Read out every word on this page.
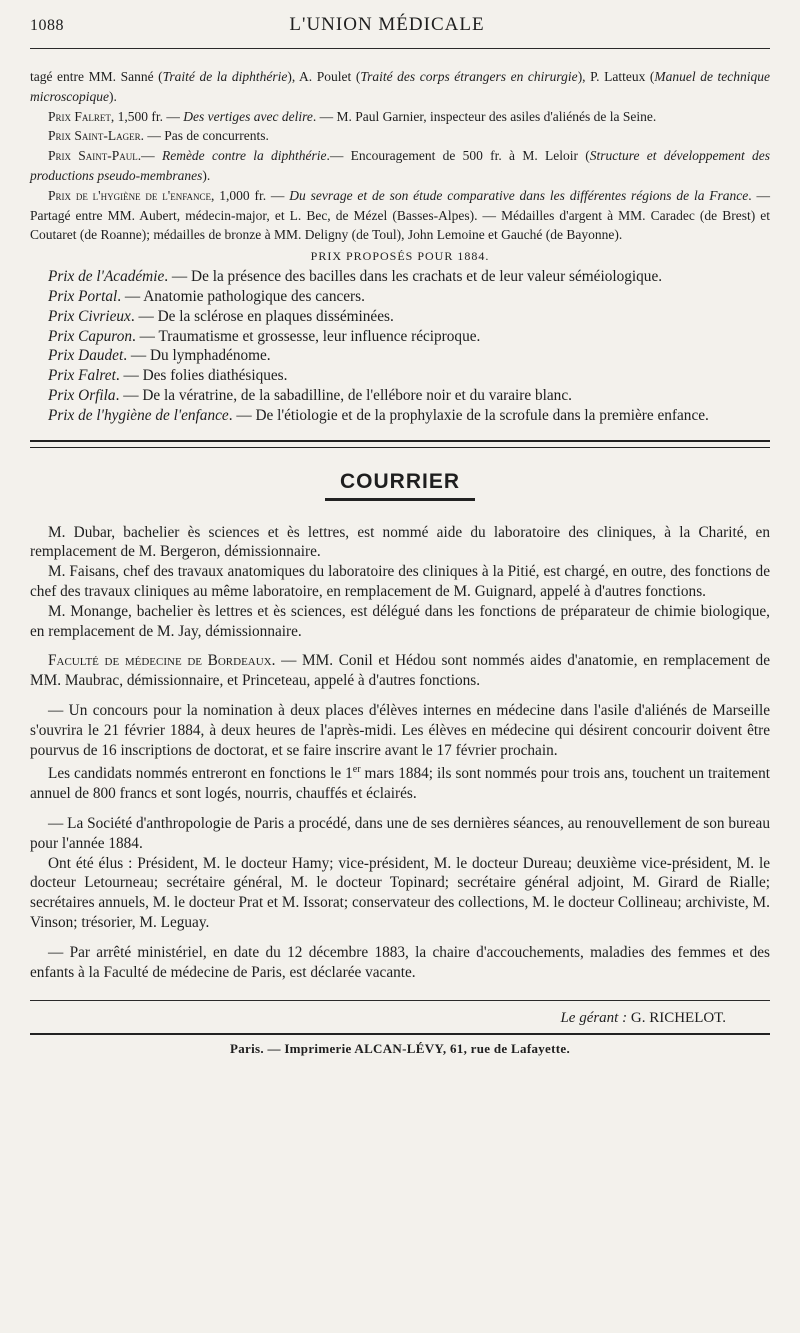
1088	L'UNION MÉDICALE

tagé entre MM. Sanné (Traité de la diphthérie), A. Poulet (Traité des corps étrangers en chirurgie), P. Latteux (Manuel de technique microscopique).

Prix Falret, 1,500 fr. — Des vertiges avec delire. — M. Paul Garnier, inspecteur des asiles d'aliénés de la Seine.

Prix Saint-Lager. — Pas de concurrents.

Prix Saint-Paul.— Remède contre la diphthérie.— Encouragement de 500 fr. à M. Leloir (Structure et développement des productions pseudo-membranes).

Prix de l'hygiène de l'enfance, 1,000 fr. — Du sevrage et de son étude comparative dans les différentes régions de la France. — Partagé entre MM. Aubert, médecin-major, et L. Bec, de Mézel (Basses-Alpes). — Médailles d'argent à MM. Caradec (de Brest) et Coutaret (de Roanne); médailles de bronze à MM. Deligny (de Toul), John Lemoine et Gauché (de Bayonne).

PRIX PROPOSÉS POUR 1884.

Prix de l'Académie. — De la présence des bacilles dans les crachats et de leur valeur séméiologique.

Prix Portal. — Anatomie pathologique des cancers.

Prix Civrieux. — De la sclérose en plaques disséminées.

Prix Capuron. — Traumatisme et grossesse, leur influence réciproque.

Prix Daudet. — Du lymphadénome.

Prix Falret. — Des folies diathésiques.

Prix Orfila. — De la vératrine, de la sabadilline, de l'ellébore noir et du varaire blanc.

Prix de l'hygiène de l'enfance. — De l'étiologie et de la prophylaxie de la scrofule dans la première enfance.

COURRIER

M. Dubar, bachelier ès sciences et ès lettres, est nommé aide du laboratoire des cliniques, à la Charité, en remplacement de M. Bergeron, démissionnaire.

M. Faisans, chef des travaux anatomiques du laboratoire des cliniques à la Pitié, est chargé, en outre, des fonctions de chef des travaux cliniques au même laboratoire, en remplacement de M. Guignard, appelé à d'autres fonctions.

M. Monange, bachelier ès lettres et ès sciences, est délégué dans les fonctions de préparateur de chimie biologique, en remplacement de M. Jay, démissionnaire.

Faculté de médecine de Bordeaux. — MM. Conil et Hédou sont nommés aides d'anatomie, en remplacement de MM. Maubrac, démissionnaire, et Princeteau, appelé à d'autres fonctions.

— Un concours pour la nomination à deux places d'élèves internes en médecine dans l'asile d'aliénés de Marseille s'ouvrira le 21 février 1884, à deux heures de l'après-midi. Les élèves en médecine qui désirent concourir doivent être pourvus de 16 inscriptions de doctorat, et se faire inscrire avant le 17 février prochain.

Les candidats nommés entreront en fonctions le 1er mars 1884; ils sont nommés pour trois ans, touchent un traitement annuel de 800 francs et sont logés, nourris, chauffés et éclairés.

— La Société d'anthropologie de Paris a procédé, dans une de ses dernières séances, au renouvellement de son bureau pour l'année 1884.

Ont été élus : Président, M. le docteur Hamy; vice-président, M. le docteur Dureau; deuxième vice-président, M. le docteur Letourneau; secrétaire général, M. le docteur Topinard; secrétaire général adjoint, M. Girard de Rialle; secrétaires annuels, M. le docteur Prat et M. Issorat; conservateur des collections, M. le docteur Collineau; archiviste, M. Vinson; trésorier, M. Leguay.

— Par arrêté ministériel, en date du 12 décembre 1883, la chaire d'accouchements, maladies des femmes et des enfants à la Faculté de médecine de Paris, est déclarée vacante.

Le gérant : G. RICHELOT.

Paris. — Imprimerie ALCAN-LÉVY, 61, rue de Lafayette.
